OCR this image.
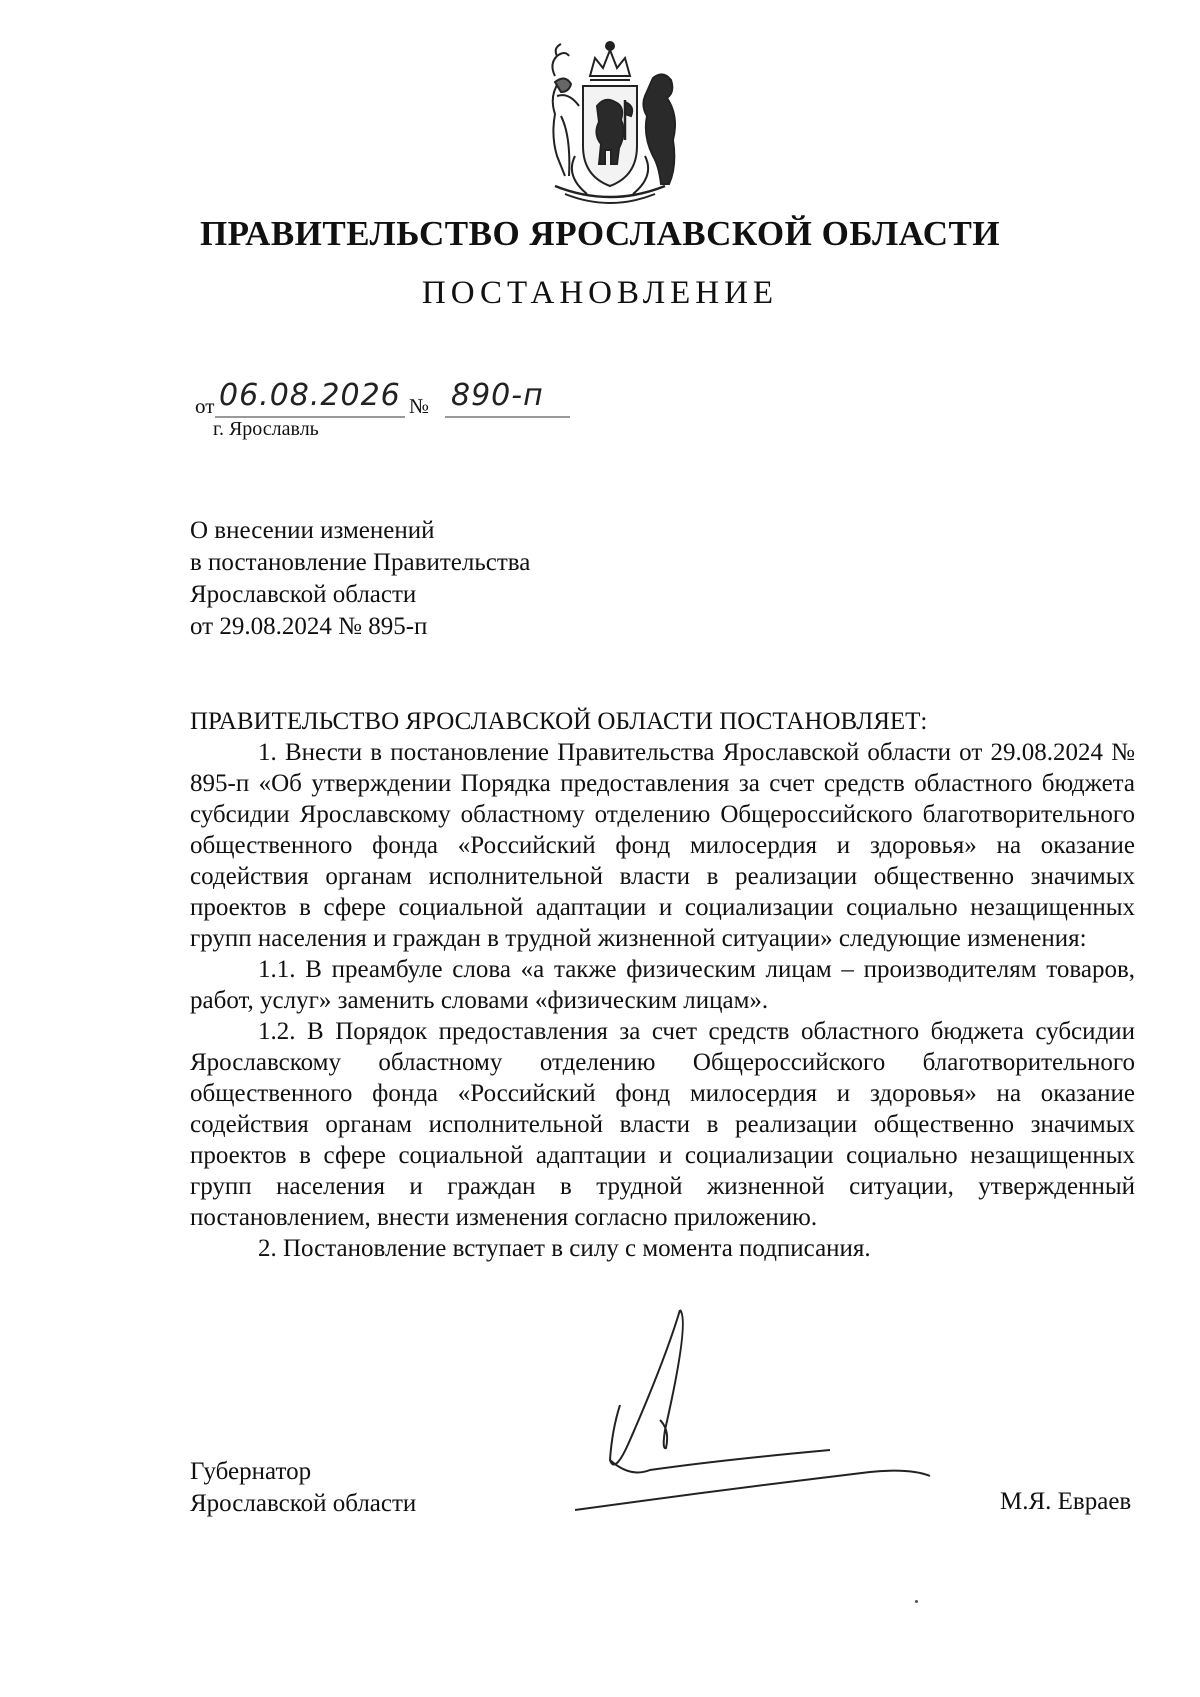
ПРАВИТЕЛЬСТВО ЯРОСЛАВСКОЙ ОБЛАСТИ
ПОСТАНОВЛЕНИЕ
от 06.08.2026 № 890-п
г. Ярославль
О внесении изменений
в постановление Правительства
Ярославской области
от 29.08.2024 № 895-п

ПРАВИТЕЛЬСТВО ЯРОСЛАВСКОЙ ОБЛАСТИ ПОСТАНОВЛЯЕТ:

1. Внести в постановление Правительства Ярославской области от 29.08.2024 № 895-п «Об утверждении Порядка предоставления за счет средств областного бюджета субсидии Ярославскому областному отделению Общероссийского благотворительного общественного фонда «Российский фонд милосердия и здоровья» на оказание содействия органам исполнительной власти в реализации общественно значимых проектов в сфере социальной адаптации и социализации социально незащищенных групп населения и граждан в трудной жизненной ситуации» следующие изменения:

1.1. В преамбуле слова «а также физическим лицам – производителям товаров, работ, услуг» заменить словами «физическим лицам».

1.2. В Порядок предоставления за счет средств областного бюджета субсидии Ярославскому областному отделению Общероссийского благотворительного общественного фонда «Российский фонд милосердия и здоровья» на оказание содействия органам исполнительной власти в реализации общественно значимых проектов в сфере социальной адаптации и социализации социально незащищенных групп населения и граждан в трудной жизненной ситуации, утвержденный постановлением, внести изменения согласно приложению.

2. Постановление вступает в силу с момента подписания.

Губернатор
Ярославской области	М.Я. Евраев
